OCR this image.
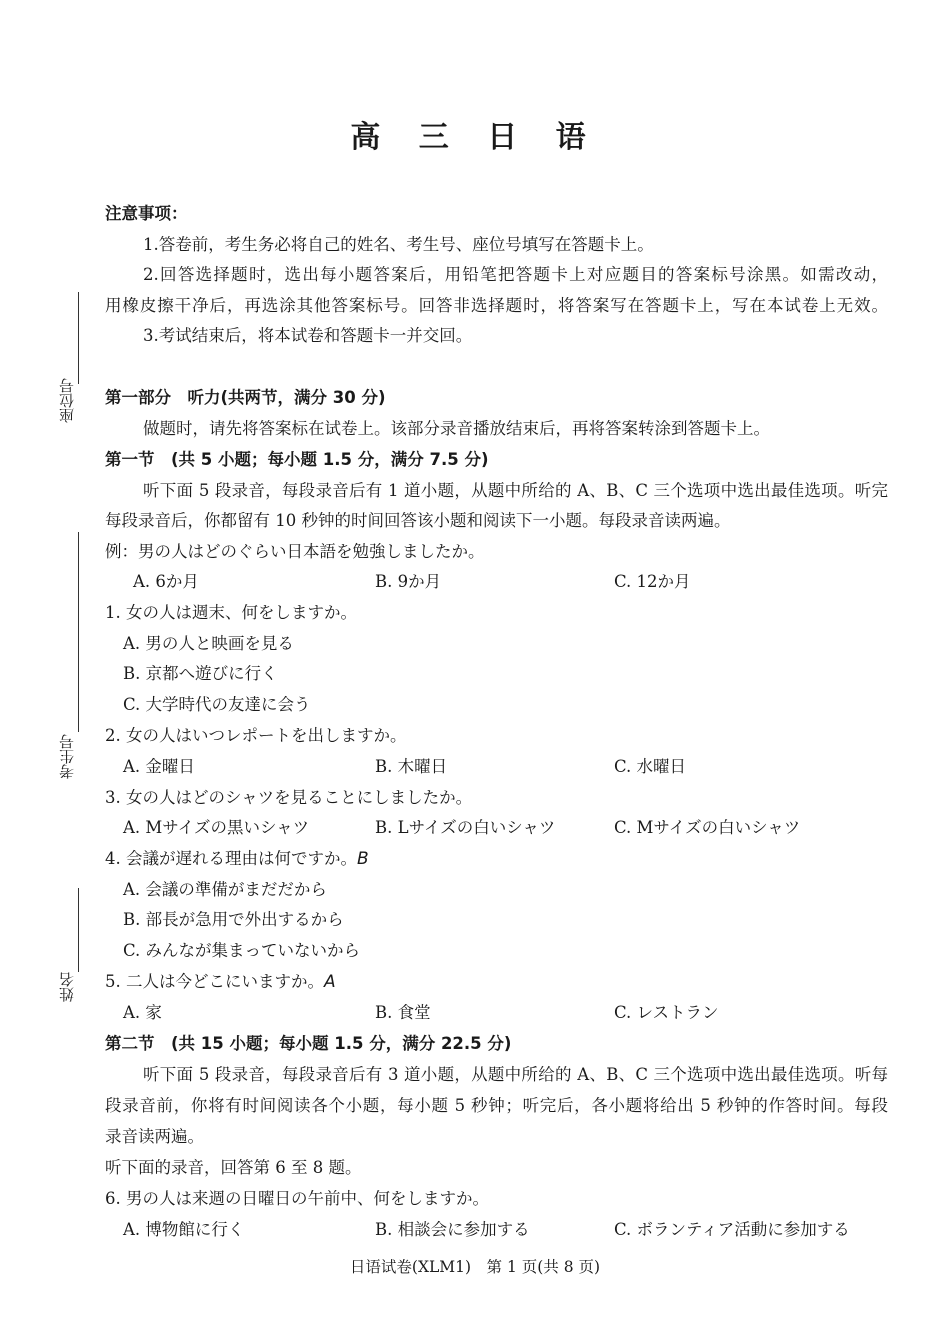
高 三 日 语
座位号
考生号
姓名
注意事项：
1.答卷前，考生务必将自己的姓名、考生号、座位号填写在答题卡上。
2.回答选择题时，选出每小题答案后，用铅笔把答题卡上对应题目的答案标号涂黑。如需改动，
用橡皮擦干净后，再选涂其他答案标号。回答非选择题时，将答案写在答题卡上，写在本试卷上无效。
3.考试结束后，将本试卷和答题卡一并交回。
第一部分　听力(共两节，满分 30 分)
做题时，请先将答案标在试卷上。该部分录音播放结束后，再将答案转涂到答题卡上。
第一节　(共 5 小题；每小题 1.5 分，满分 7.5 分)
听下面 5 段录音，每段录音后有 1 道小题，从题中所给的 A、B、C 三个选项中选出最佳选项。听完
每段录音后，你都留有 10 秒钟的时间回答该小题和阅读下一小题。每段录音读两遍。
例：男の人はどのぐらい日本語を勉強しましたか。
A. 6か月	B. 9か月	C. 12か月
1. 女の人は週末、何をしますか。
A. 男の人と映画を見る
B. 京都へ遊びに行く
C. 大学時代の友達に会う
2. 女の人はいつレポートを出しますか。
A. 金曜日	B. 木曜日	C. 水曜日
3. 女の人はどのシャツを見ることにしましたか。
A. Mサイズの黒いシャツ	B. Lサイズの白いシャツ	C. Mサイズの白いシャツ
4. 会議が遅れる理由は何ですか。B
A. 会議の準備がまだだから
B. 部長が急用で外出するから
C. みんなが集まっていないから
5. 二人は今どこにいますか。A
A. 家	B. 食堂	C. レストラン
第二节　(共 15 小题；每小题 1.5 分，满分 22.5 分)
听下面 5 段录音，每段录音后有 3 道小题，从题中所给的 A、B、C 三个选项中选出最佳选项。听每
段录音前，你将有时间阅读各个小题，每小题 5 秒钟；听完后，各小题将给出 5 秒钟的作答时间。每段
录音读两遍。
听下面的录音，回答第 6 至 8 题。
6. 男の人は来週の日曜日の午前中、何をしますか。
A. 博物館に行く	B. 相談会に参加する	C. ボランティア活動に参加する
日语试卷(XLM1)　第 1 页(共 8 页)
